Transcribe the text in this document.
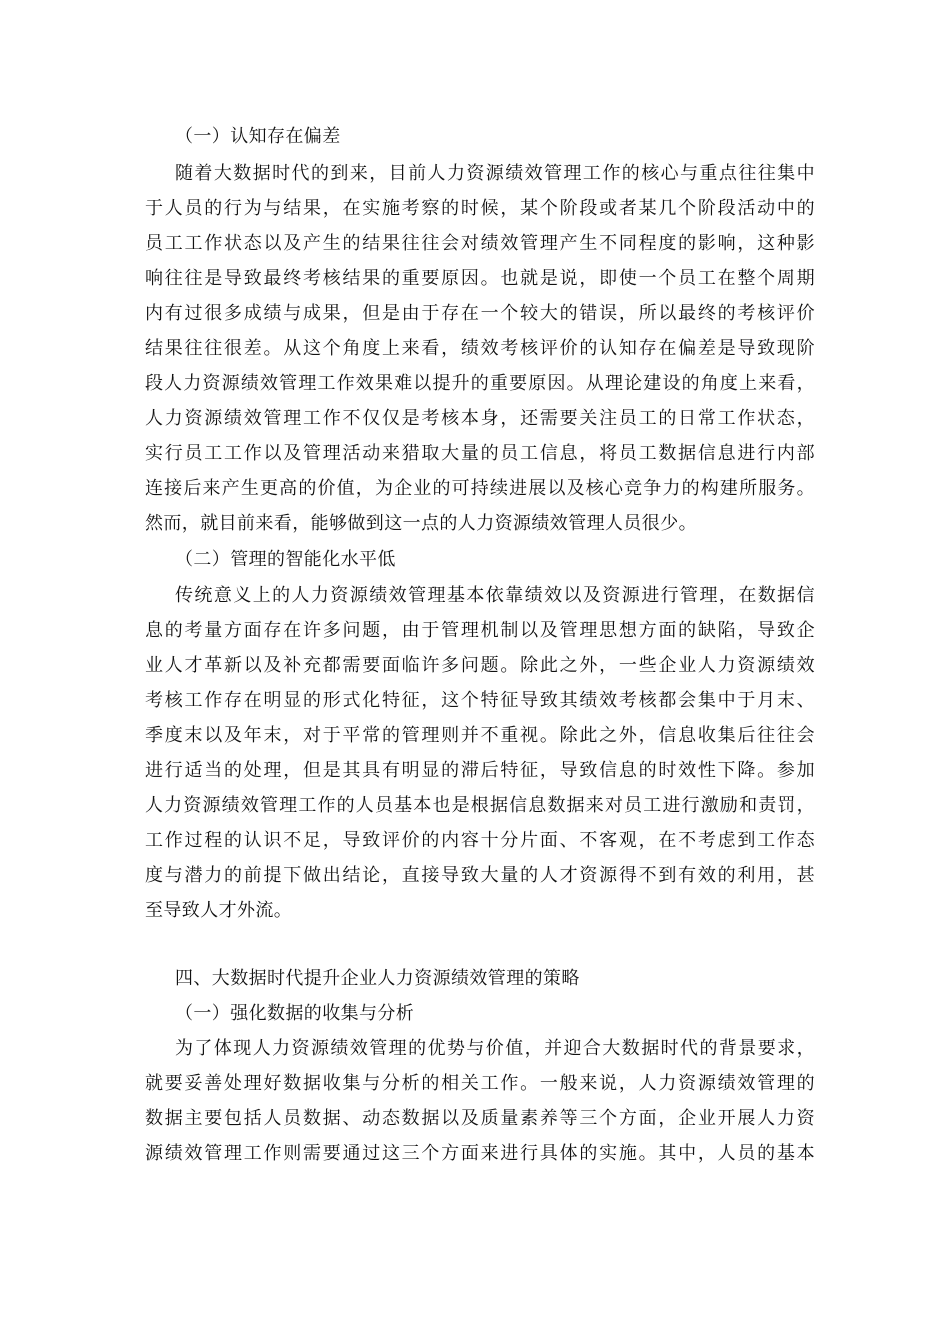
（一）认知存在偏差
随着大数据时代的到来，目前人力资源绩效管理工作的核心与重点往往集中
于人员的行为与结果，在实施考察的时候，某个阶段或者某几个阶段活动中的
员工工作状态以及产生的结果往往会对绩效管理产生不同程度的影响，这种影
响往往是导致最终考核结果的重要原因。也就是说，即使一个员工在整个周期
内有过很多成绩与成果，但是由于存在一个较大的错误，所以最终的考核评价
结果往往很差。从这个角度上来看，绩效考核评价的认知存在偏差是导致现阶
段人力资源绩效管理工作效果难以提升的重要原因。从理论建设的角度上来看，
人力资源绩效管理工作不仅仅是考核本身，还需要关注员工的日常工作状态，
实行员工工作以及管理活动来猎取大量的员工信息，将员工数据信息进行内部
连接后来产生更高的价值，为企业的可持续进展以及核心竞争力的构建所服务。
然而，就目前来看，能够做到这一点的人力资源绩效管理人员很少。
（二）管理的智能化水平低
传统意义上的人力资源绩效管理基本依靠绩效以及资源进行管理，在数据信
息的考量方面存在许多问题，由于管理机制以及管理思想方面的缺陷，导致企
业人才革新以及补充都需要面临许多问题。除此之外，一些企业人力资源绩效
考核工作存在明显的形式化特征，这个特征导致其绩效考核都会集中于月末、
季度末以及年末，对于平常的管理则并不重视。除此之外，信息收集后往往会
进行适当的处理，但是其具有明显的滞后特征，导致信息的时效性下降。参加
人力资源绩效管理工作的人员基本也是根据信息数据来对员工进行激励和责罚，
工作过程的认识不足，导致评价的内容十分片面、不客观，在不考虑到工作态
度与潜力的前提下做出结论，直接导致大量的人才资源得不到有效的利用，甚
至导致人才外流。
四、大数据时代提升企业人力资源绩效管理的策略
（一）强化数据的收集与分析
为了体现人力资源绩效管理的优势与价值，并迎合大数据时代的背景要求，
就要妥善处理好数据收集与分析的相关工作。一般来说，人力资源绩效管理的
数据主要包括人员数据、动态数据以及质量素养等三个方面，企业开展人力资
源绩效管理工作则需要通过这三个方面来进行具体的实施。其中，人员的基本
